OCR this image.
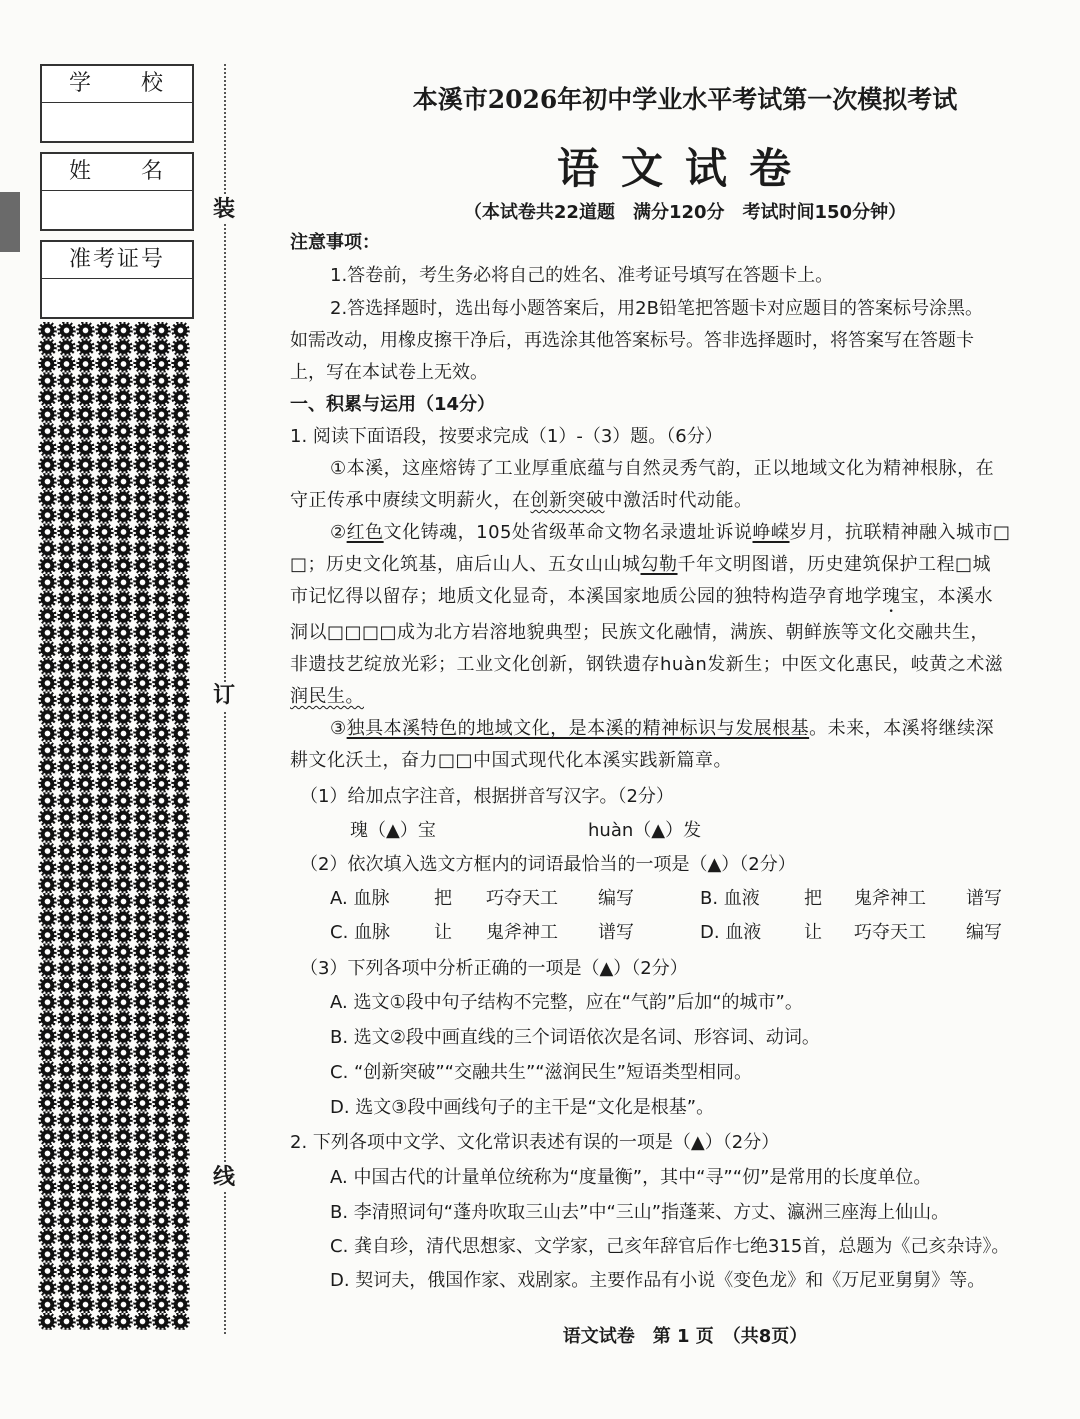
学　　校
姓　　名
准考证号
装
订
线
本溪市2026年初中学业水平考试第一次模拟考试
语文试卷
（本试卷共22道题　满分120分　考试时间150分钟）
注意事项：
1.答卷前，考生务必将自己的姓名、准考证号填写在答题卡上。
2.答选择题时，选出每小题答案后，用2B铅笔把答题卡对应题目的答案标号涂黑。
如需改动，用橡皮擦干净后，再选涂其他答案标号。答非选择题时，将答案写在答题卡
上，写在本试卷上无效。
一、积累与运用（14分）
1. 阅读下面语段，按要求完成（1）-（3）题。（6分）
①本溪，这座熔铸了工业厚重底蕴与自然灵秀气韵，正以地域文化为精神根脉，在
守正传承中赓续文明薪火，在创新突破中激活时代动能。
②红色文化铸魂，105处省级革命文物名录遗址诉说峥嵘岁月，抗联精神融入城市□
□；历史文化筑基，庙后山人、五女山山城勾勒千年文明图谱，历史建筑保护工程□城
市记忆得以留存；地质文化显奇，本溪国家地质公园的独特构造孕育地学瑰宝，本溪水
洞以□□□□成为北方岩溶地貌典型；民族文化融情，满族、朝鲜族等文化交融共生，
非遗技艺绽放光彩；工业文化创新，钢铁遗存huàn发新生；中医文化惠民，岐黄之术滋
润民生。
③独具本溪特色的地域文化，是本溪的精神标识与发展根基。未来，本溪将继续深
耕文化沃土，奋力□□中国式现代化本溪实践新篇章。
（1）给加点字注音，根据拼音写汉字。（2分）
瑰（▲）宝	huàn（▲）发
（2）依次填入选文方框内的词语最恰当的一项是（▲）（2分）
A. 血脉 把 巧夺天工 编写	B. 血液 把 鬼斧神工 谱写
C. 血脉 让 鬼斧神工 谱写	D. 血液 让 巧夺天工 编写
（3）下列各项中分析正确的一项是（▲）（2分）
A. 选文①段中句子结构不完整，应在“气韵”后加“的城市”。
B. 选文②段中画直线的三个词语依次是名词、形容词、动词。
C. “创新突破”“交融共生”“滋润民生”短语类型相同。
D. 选文③段中画线句子的主干是“文化是根基”。
2. 下列各项中文学、文化常识表述有误的一项是（▲）（2分）
A. 中国古代的计量单位统称为“度量衡”，其中“寻”“仞”是常用的长度单位。
B. 李清照词句“蓬舟吹取三山去”中“三山”指蓬莱、方丈、瀛洲三座海上仙山。
C. 龚自珍，清代思想家、文学家，己亥年辞官后作七绝315首，总题为《己亥杂诗》。
D. 契诃夫，俄国作家、戏剧家。主要作品有小说《变色龙》和《万尼亚舅舅》等。
语文试卷　第 1 页　（共8页）
